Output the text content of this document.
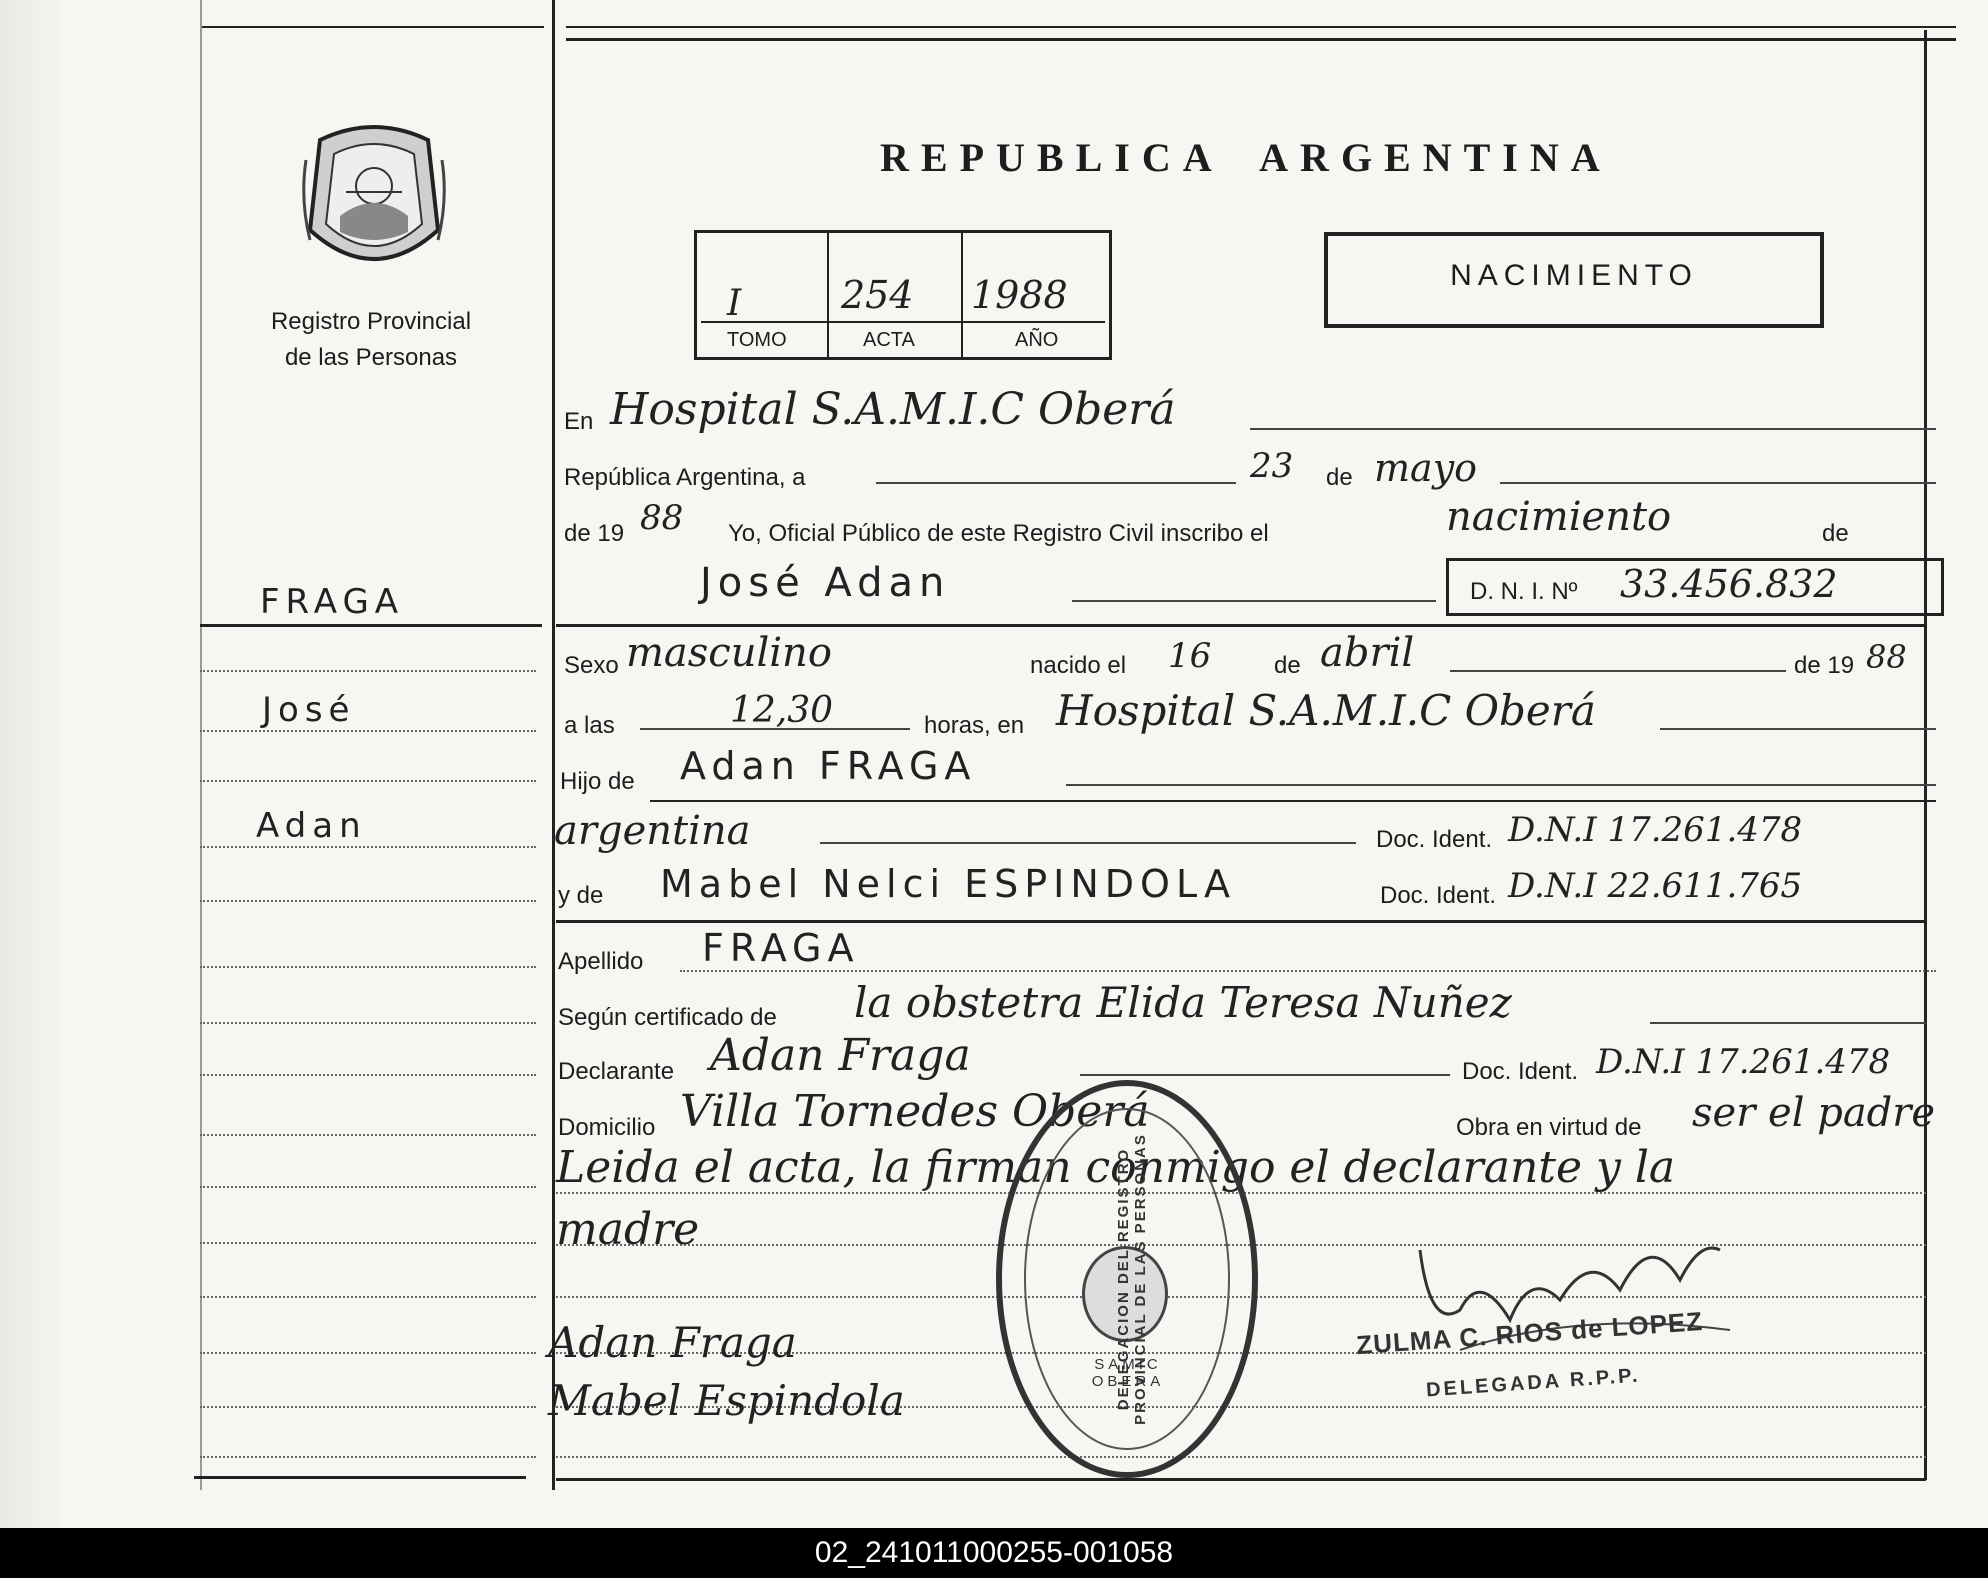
Registro Provincial
de las Personas
REPUBLICA ARGENTINA
I	254 1988
TOMO	ACTA	AÑO
NACIMIENTO
FRAGA
José
Adan
En Hospital S.A.M.I.C Oberá
República Argentina, a	23 de mayo
de 19 88 Yo, Oficial Público de este Registro Civil inscribo el	nacimiento	de
José Adan	D. N. I. Nº 33.456.832
Sexo masculino	nacido el 16	de abril	de 19 88
a las	12,30	horas, en Hospital S.A.M.I.C Oberá
Hijo de Adan FRAGA
argentina	Doc. Ident. D.N.I 17.261.478
y de Mabel Nelci ESPINDOLA	Doc. Ident. D.N.I 22.611.765
Apellido FRAGA
Según certificado de la obstetra Elida Teresa Nuñez
Declarante Adan Fraga	Doc. Ident. D.N.I 17.261.478
Domicilio Villa Tornedes Oberá	Obra en virtud de ser el padre
Leida el acta, la firman conmigo el declarante y la
madre
Adan Fraga
Mabel Espindola	DELEGACION DEL REGISTRO PROVINCIAL DE LAS PERSONAS
SAMIC OBERA
ZULMA C. RIOS de LOPEZ
DELEGADA R.P.P.
02_241011000255-001058
